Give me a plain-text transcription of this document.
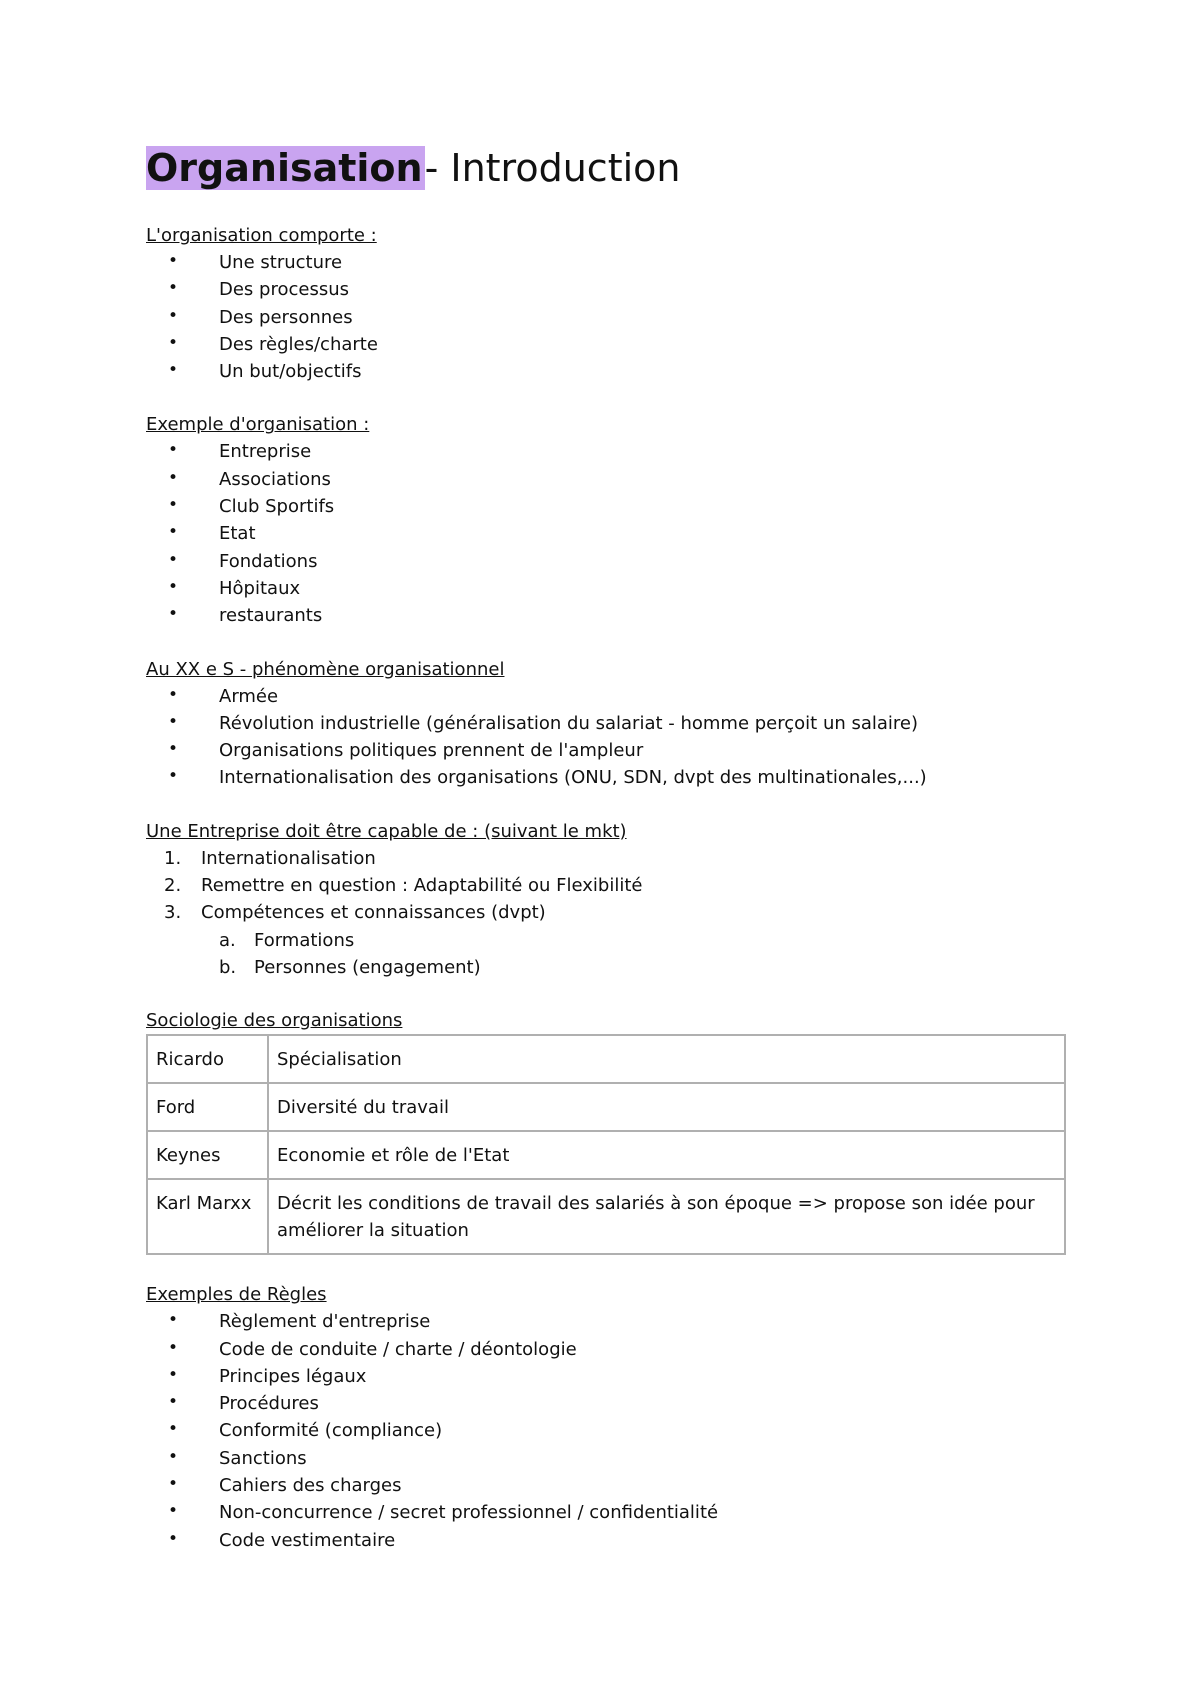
Organisation- Introduction
L'organisation comporte :
• Une structure
• Des processus
• Des personnes
• Des règles/charte
• Un but/objectifs
Exemple d'organisation :
• Entreprise
• Associations
• Club Sportifs
• Etat
• Fondations
• Hôpitaux
• restaurants
Au XX e S - phénomène organisationnel
• Armée
• Révolution industrielle (généralisation du salariat - homme perçoit un salaire)
• Organisations politiques prennent de l'ampleur
• Internationalisation des organisations (ONU, SDN, dvpt des multinationales,...)
Une Entreprise doit être capable de : (suivant le mkt)
1. Internationalisation
2. Remettre en question : Adaptabilité ou Flexibilité
3. Compétences et connaissances (dvpt)
a. Formations
b. Personnes (engagement)
Sociologie des organisations
Ricardo	Spécialisation
Ford	Diversité du travail
Keynes	Economie et rôle de l'Etat
Karl Marxx	Décrit les conditions de travail des salariés à son époque => propose son idée pour améliorer la situation
Exemples de Règles
• Règlement d'entreprise
• Code de conduite / charte / déontologie
• Principes légaux
• Procédures
• Conformité (compliance)
• Sanctions
• Cahiers des charges
• Non-concurrence / secret professionnel / confidentialité
• Code vestimentaire
